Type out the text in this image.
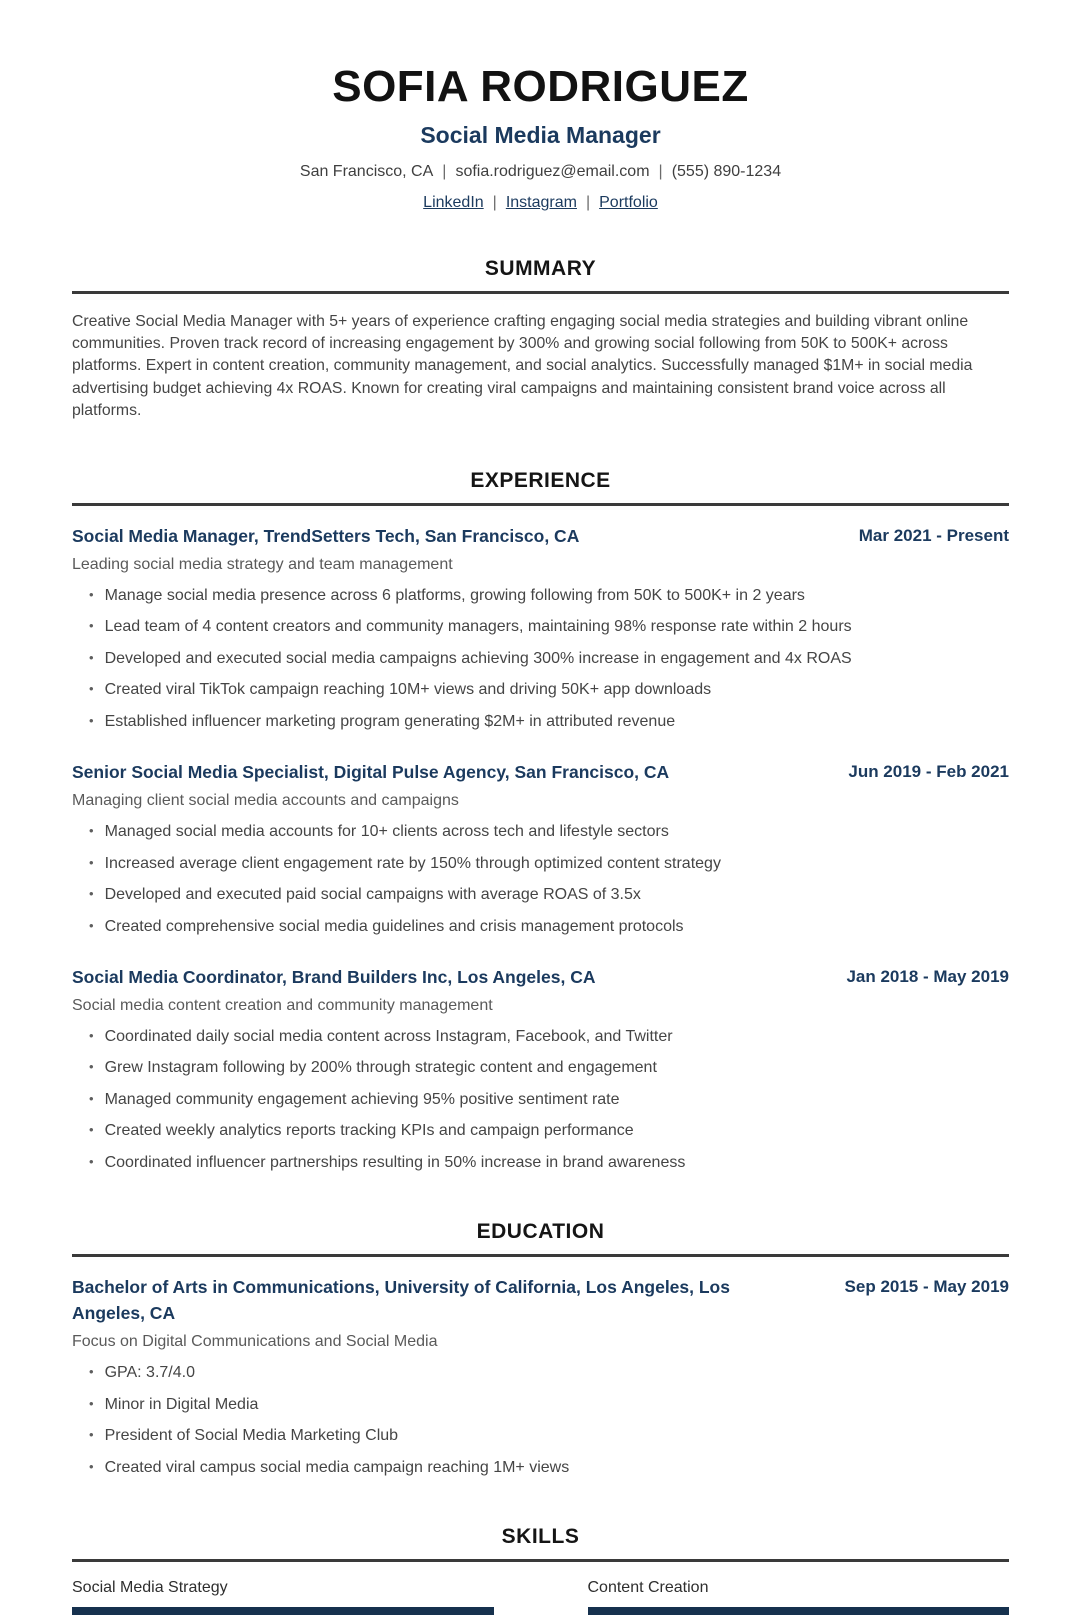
SOFIA RODRIGUEZ
Social Media Manager
San Francisco, CA | sofia.rodriguez@email.com | (555) 890-1234
LinkedIn | Instagram | Portfolio
SUMMARY

Creative Social Media Manager with 5+ years of experience crafting engaging social media strategies and building vibrant online communities. Proven track record of increasing engagement by 300% and growing social following from 50K to 500K+ across platforms. Expert in content creation, community management, and social analytics. Successfully managed $1M+ in social media advertising budget achieving 4x ROAS. Known for creating viral campaigns and maintaining consistent brand voice across all platforms.

EXPERIENCE
Social Media Manager, TrendSetters Tech, San Francisco, CA	Mar 2021 - Present
Leading social media strategy and team management
• Manage social media presence across 6 platforms, growing following from 50K to 500K+ in 2 years
• Lead team of 4 content creators and community managers, maintaining 98% response rate within 2 hours
• Developed and executed social media campaigns achieving 300% increase in engagement and 4x ROAS
• Created viral TikTok campaign reaching 10M+ views and driving 50K+ app downloads
• Established influencer marketing program generating $2M+ in attributed revenue
Senior Social Media Specialist, Digital Pulse Agency, San Francisco, CA	Jun 2019 - Feb 2021
Managing client social media accounts and campaigns
• Managed social media accounts for 10+ clients across tech and lifestyle sectors
• Increased average client engagement rate by 150% through optimized content strategy
• Developed and executed paid social campaigns with average ROAS of 3.5x
• Created comprehensive social media guidelines and crisis management protocols
Social Media Coordinator, Brand Builders Inc, Los Angeles, CA	Jan 2018 - May 2019
Social media content creation and community management
• Coordinated daily social media content across Instagram, Facebook, and Twitter
• Grew Instagram following by 200% through strategic content and engagement
• Managed community engagement achieving 95% positive sentiment rate
• Created weekly analytics reports tracking KPIs and campaign performance
• Coordinated influencer partnerships resulting in 50% increase in brand awareness
EDUCATION
Bachelor of Arts in Communications, University of California, Los Angeles, Los Angeles, CA
Sep 2015 - May 2019
Focus on Digital Communications and Social Media
• GPA: 3.7/4.0
• Minor in Digital Media
• President of Social Media Marketing Club
• Created viral campus social media campaign reaching 1M+ views
SKILLS
Social Media Strategy	Content Creation
